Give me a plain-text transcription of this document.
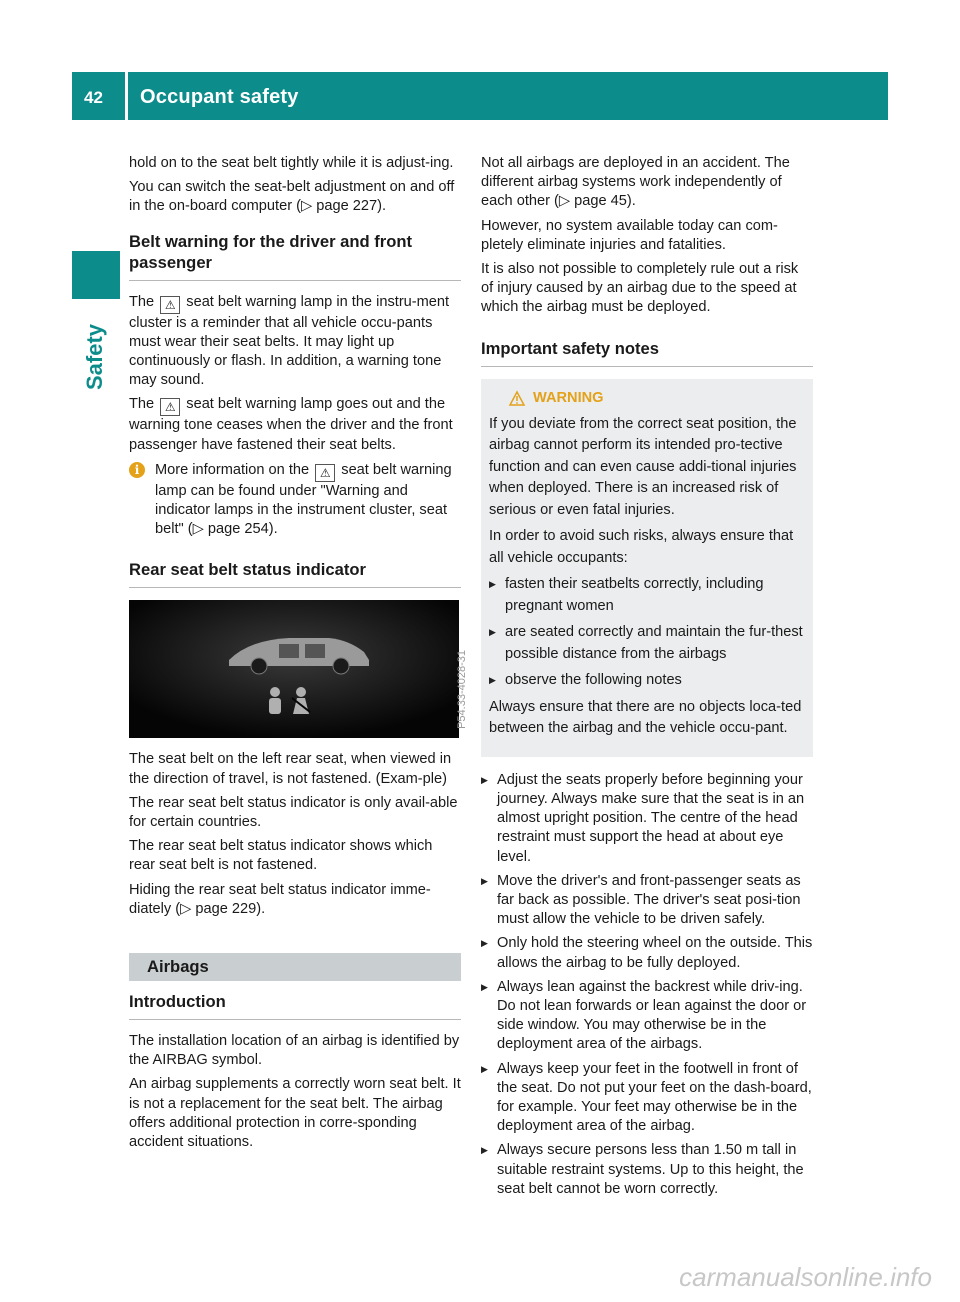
42 Occupant safety
Safety

hold on to the seat belt tightly while it is adjust-ing.

You can switch the seat-belt adjustment on and off in the on-board computer (▷ page 227).

Belt warning for the driver and front passenger

The ⚠ seat belt warning lamp in the instru-ment cluster is a reminder that all vehicle occu-pants must wear their seat belts. It may light up continuously or flash. In addition, a warning tone may sound.

The ⚠ seat belt warning lamp goes out and the warning tone ceases when the driver and the front passenger have fastened their seat belts.

i	More information on the ⚠ seat belt warning lamp can be found under "Warning and indicator lamps in the instrument cluster, seat belt" (▷ page 254).
Rear seat belt status indicator
P54.33-4028-31

The seat belt on the left rear seat, when viewed in the direction of travel, is not fastened. (Exam-ple)

The rear seat belt status indicator is only avail-able for certain countries.

The rear seat belt status indicator shows which rear seat belt is not fastened.

Hiding the rear seat belt status indicator imme-diately (▷ page 229).

Airbags
Introduction

The installation location of an airbag is identified by the AIRBAG symbol.

An airbag supplements a correctly worn seat belt. It is not a replacement for the seat belt. The airbag offers additional protection in corre-sponding accident situations.

Not all airbags are deployed in an accident. The different airbag systems work independently of each other (▷ page 45).

However, no system available today can com-pletely eliminate injuries and fatalities.

It is also not possible to completely rule out a risk of injury caused by an airbag due to the speed at which the airbag must be deployed.

Important safety notes
WARNING

If you deviate from the correct seat position, the airbag cannot perform its intended pro-tective function and can even cause addi-tional injuries when deployed. There is an increased risk of serious or even fatal injuries.

In order to avoid such risks, always ensure that all vehicle occupants:

▶ fasten their seatbelts correctly, including pregnant women
▶ are seated correctly and maintain the fur-thest possible distance from the airbags
▶ observe the following notes

Always ensure that there are no objects loca-ted between the airbag and the vehicle occu-pant.

▶ Adjust the seats properly before beginning your journey. Always make sure that the seat is in an almost upright position. The centre of the head restraint must support the head at about eye level.
▶ Move the driver's and front-passenger seats as far back as possible. The driver's seat posi-tion must allow the vehicle to be driven safely.
▶ Only hold the steering wheel on the outside. This allows the airbag to be fully deployed.
▶ Always lean against the backrest while driv-ing. Do not lean forwards or lean against the door or side window. You may otherwise be in the deployment area of the airbags.
▶ Always keep your feet in the footwell in front of the seat. Do not put your feet on the dash-board, for example. Your feet may otherwise be in the deployment area of the airbag.
▶ Always secure persons less than 1.50 m tall in suitable restraint systems. Up to this height, the seat belt cannot be worn correctly.
carmanualsonline.info
